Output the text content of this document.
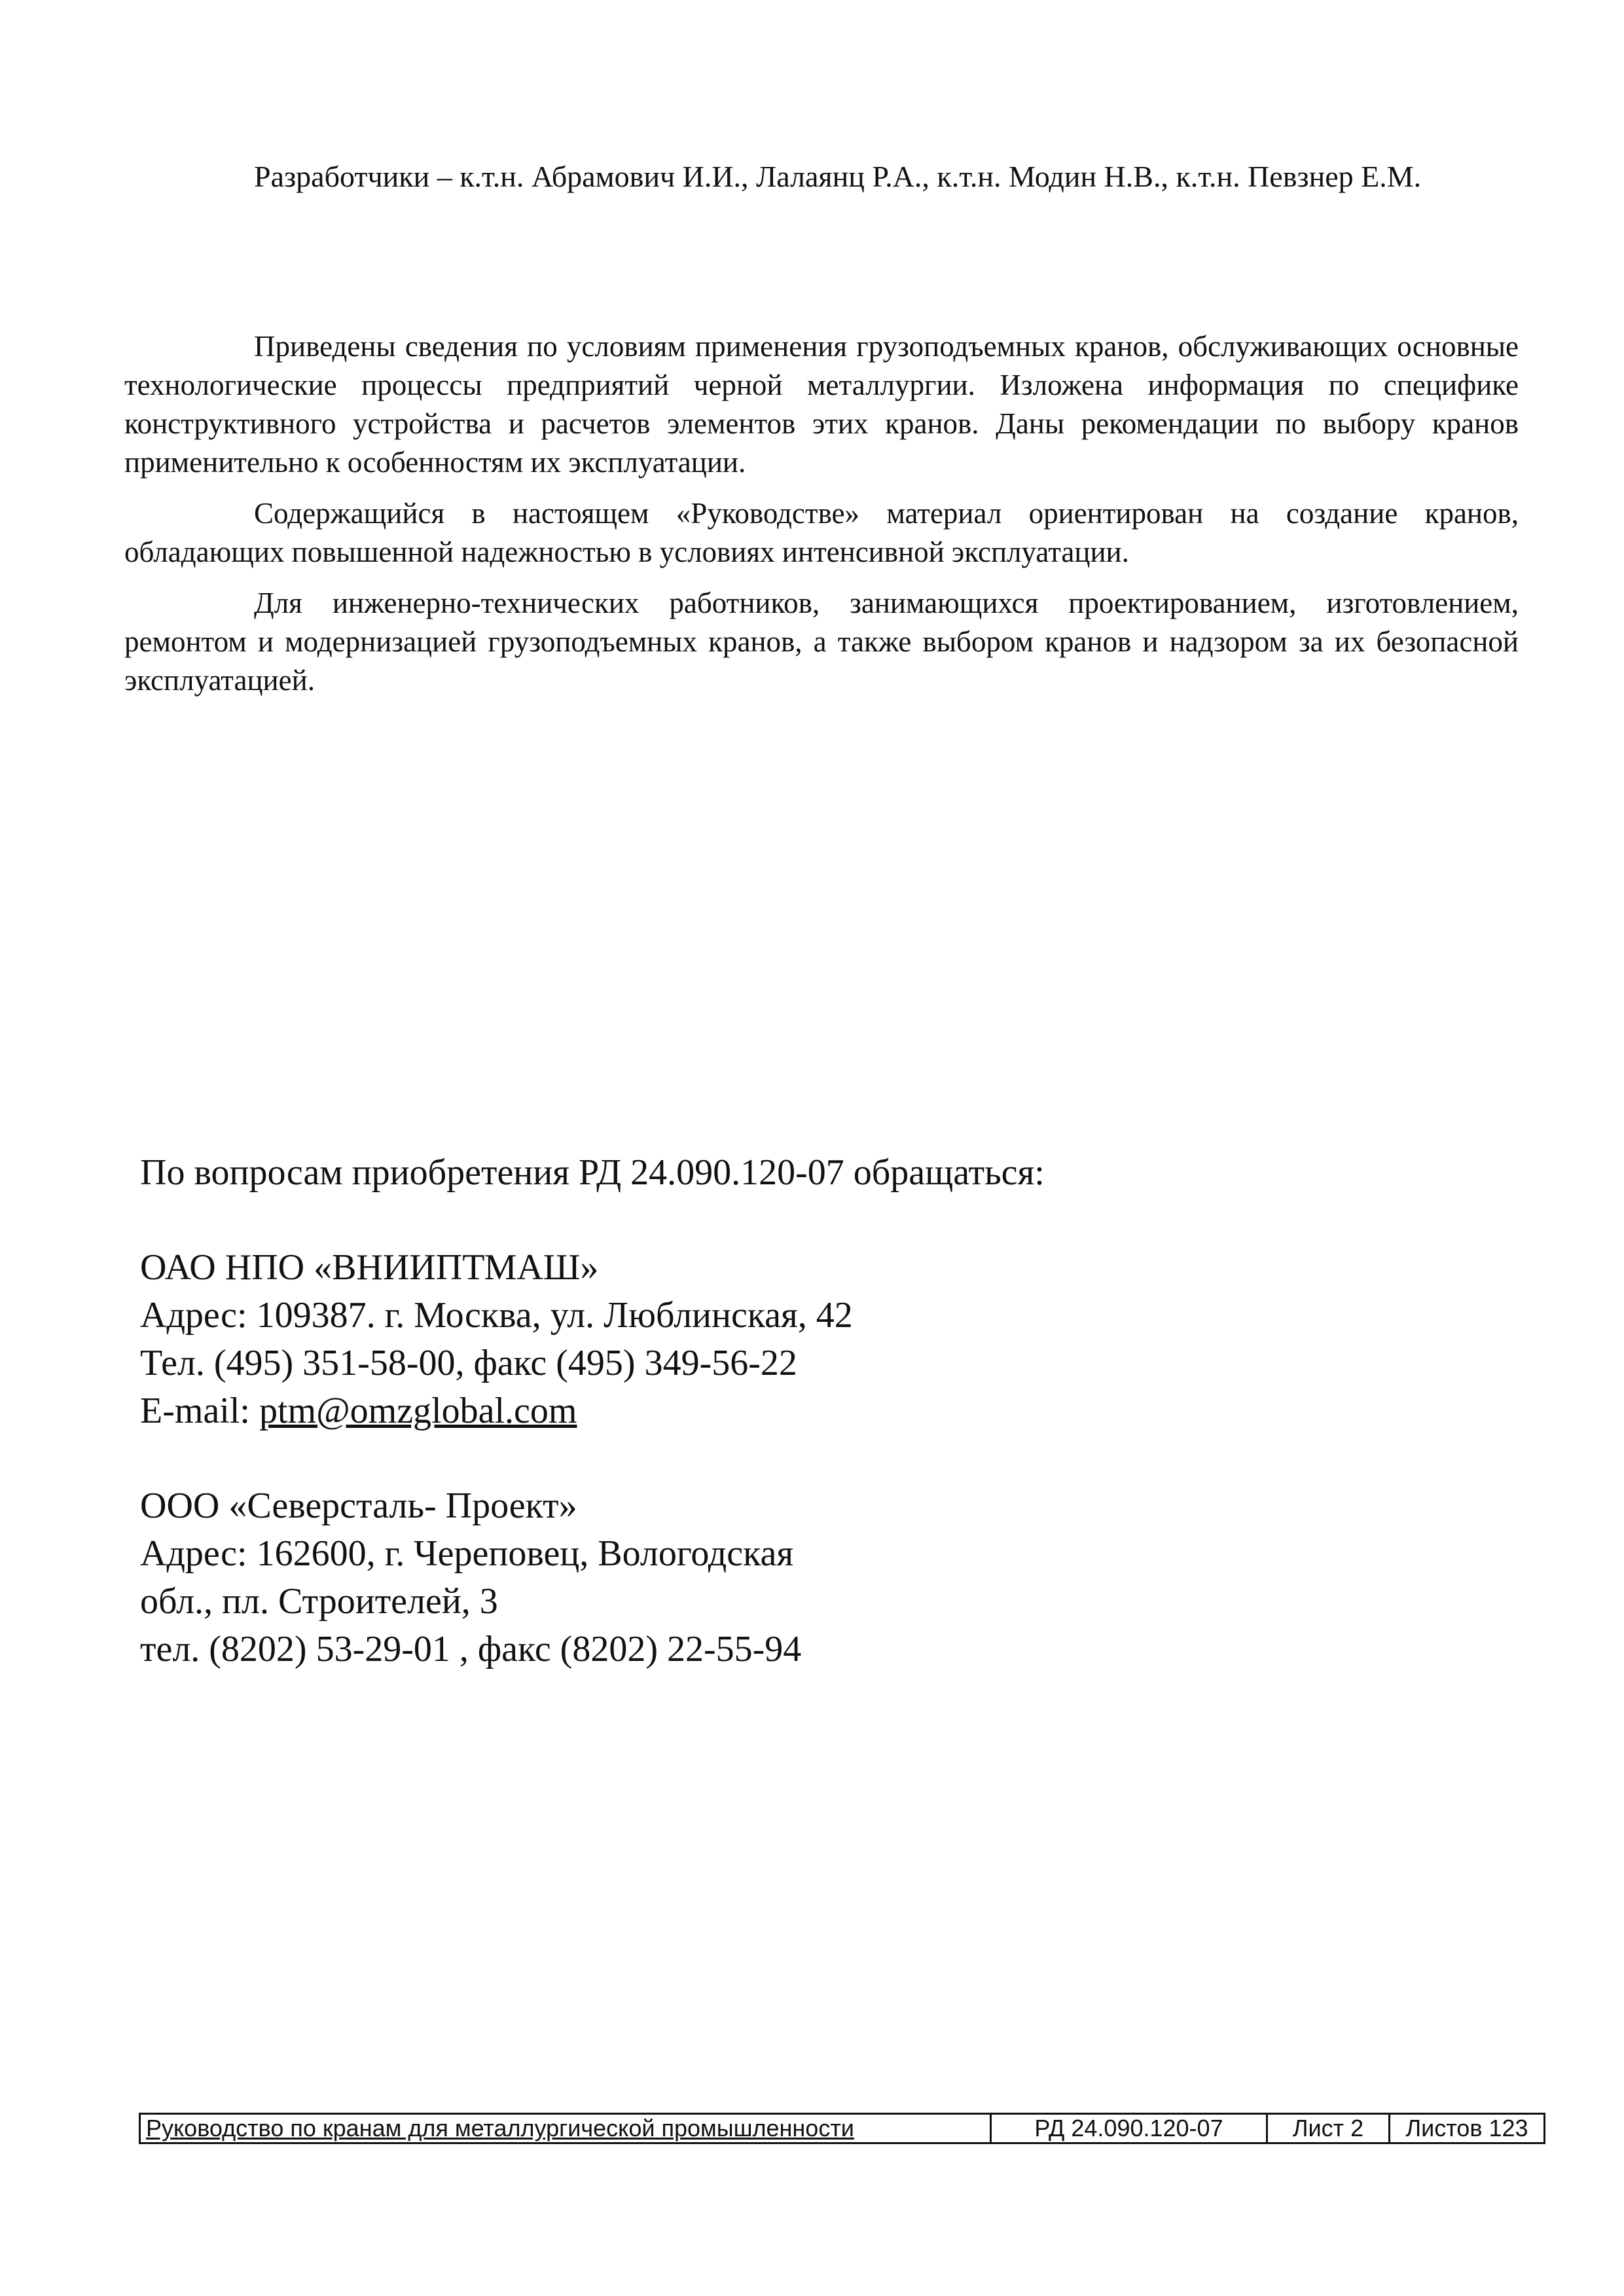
Разработчики – к.т.н. Абрамович И.И., Лалаянц Р.А., к.т.н. Модин Н.В., к.т.н. Певзнер Е.М.

Приведены сведения по условиям применения грузоподъемных кранов, обслуживающих основные технологические процессы предприятий черной металлургии. Изложена информация по специфике конструктивного устройства и расчетов элементов этих кранов. Даны рекомендации по выбору кранов применительно к особенностям их эксплуатации.

Содержащийся в настоящем «Руководстве» материал ориентирован на создание кранов, обладающих повышенной надежностью в условиях интенсивной эксплуатации.

Для инженерно-технических работников, занимающихся проектированием, изготовлением, ремонтом и модернизацией грузоподъемных кранов, а также выбором кранов и надзором за их безопасной эксплуатацией.

По вопросам приобретения РД 24.090.120-07 обращаться:
ОАО НПО «ВНИИПТМАШ»
Адрес: 109387. г. Москва, ул. Люблинская, 42
Тел. (495) 351-58-00, факс (495) 349-56-22
E-mail: ptm@omzglobal.com
ООО «Северсталь- Проект»
Адрес: 162600, г. Череповец, Вологодская
обл., пл. Строителей, 3
тел. (8202) 53-29-01 , факс (8202) 22-55-94
Руководство по кранам для металлургической промышленности	РД 24.090.120-07	Лист 2	Листов 123
